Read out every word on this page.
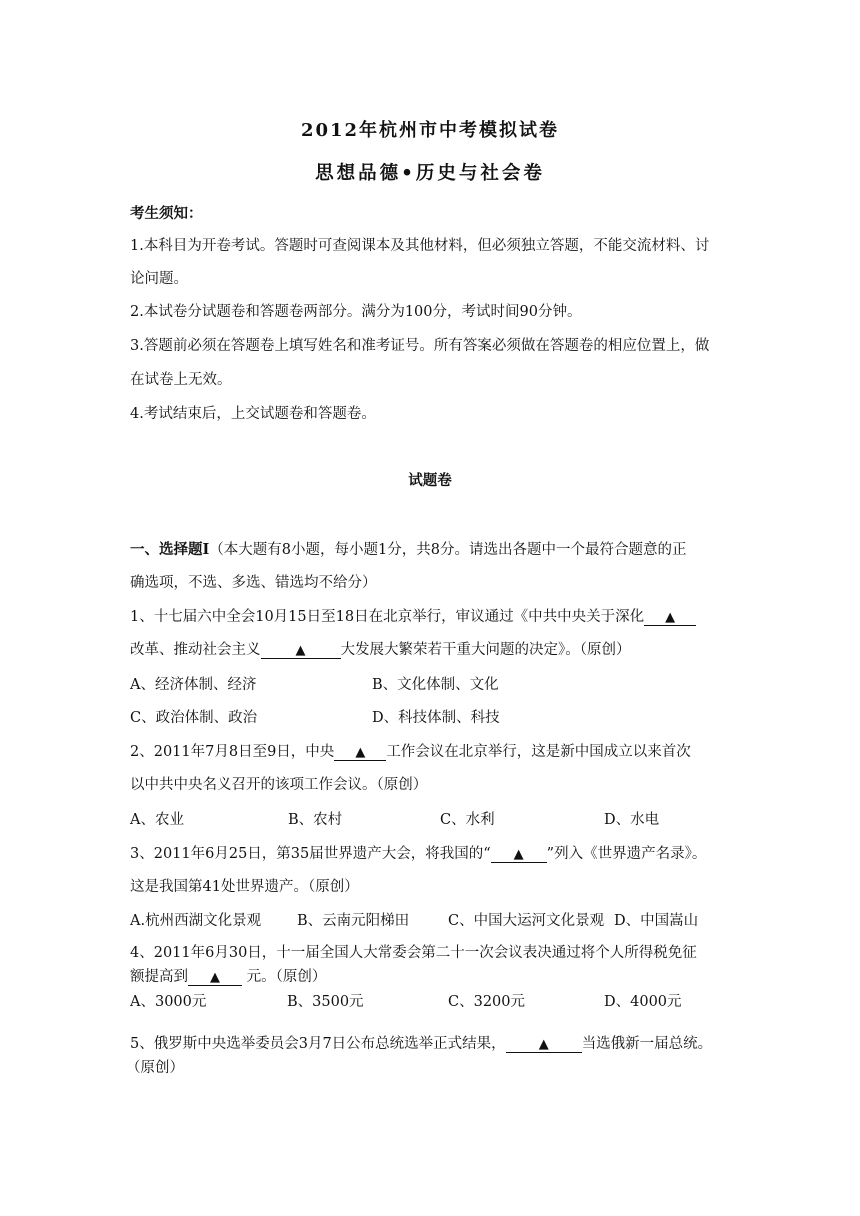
2012年杭州市中考模拟试卷
思想品德•历史与社会卷
考生须知：
1.本科目为开卷考试。答题时可查阅课本及其他材料，但必须独立答题，不能交流材料、讨
论问题。
2.本试卷分试题卷和答题卷两部分。满分为100分，考试时间90分钟。
3.答题前必须在答题卷上填写姓名和准考证号。所有答案必须做在答题卷的相应位置上，做
在试卷上无效。
4.考试结束后，上交试题卷和答题卷。
试题卷
一、选择题Ⅰ（本大题有8小题，每小题1分，共8分。请选出各题中一个最符合题意的正
确选项，不选、多选、错选均不给分）
1、十七届六中全会10月15日至18日在北京举行，审议通过《中共中央关于深化 ▲
改革、推动社会主义	▲ 大发展大繁荣若干重大问题的决定》。（原创）
A、经济体制、经济	B、文化体制、文化
C、政治体制、政治	D、科技体制、科技
2、2011年7月8日至9日，中央 ▲ 工作会议在北京举行，这是新中国成立以来首次
以中共中央名义召开的该项工作会议。（原创）
A、农业	B、农村	C、水利	D、水电
3、2011年6月25日，第35届世界遗产大会，将我国的“ ▲ ”列入《世界遗产名录》。
这是我国第41处世界遗产。（原创）
A.杭州西湖文化景观 B、云南元阳梯田	C、中国大运河文化景观 D、中国嵩山
4、2011年6月30日，十一届全国人大常委会第二十一次会议表决通过将个人所得税免征
额提高到 ▲ 元。（原创）
A、3000元	B、3500元	C、3200元	D、4000元
5、俄罗斯中央选举委员会3月7日公布总统选举正式结果，	▲ 当选俄新一届总统。
（原创）
